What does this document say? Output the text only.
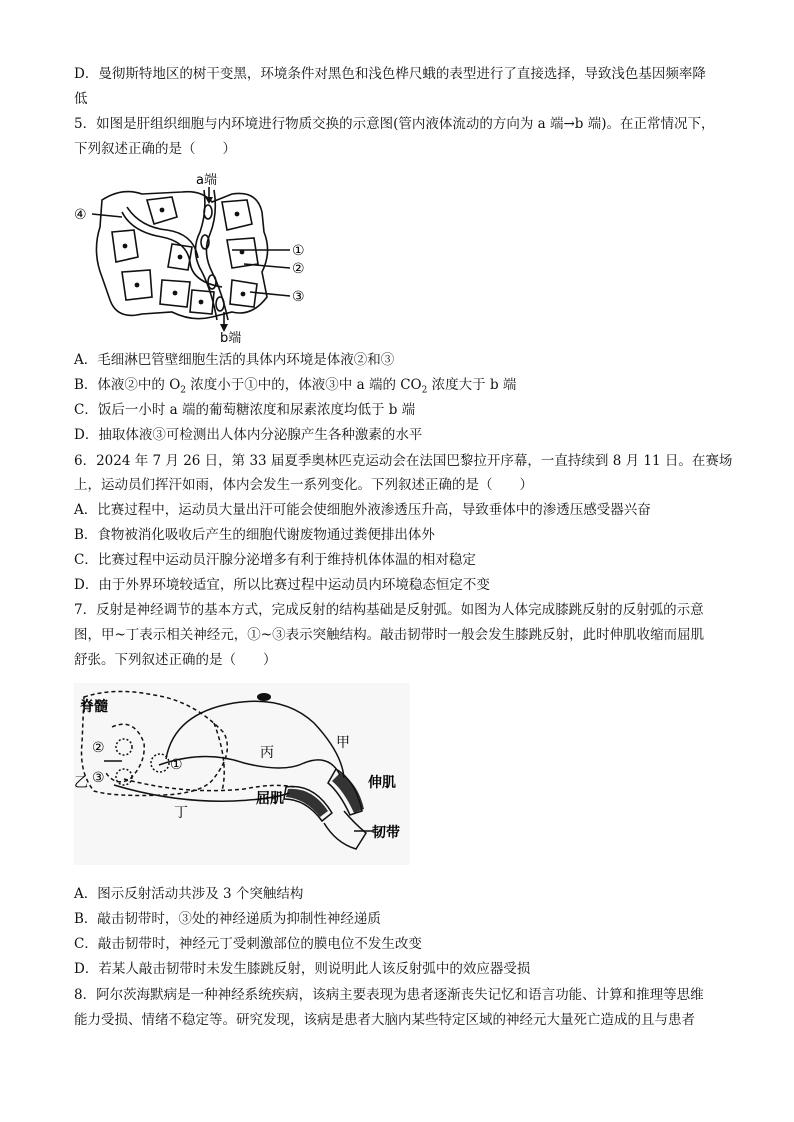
D．曼彻斯特地区的树干变黑，环境条件对黑色和浅色桦尺蛾的表型进行了直接选择，导致浅色基因频率降
低
5．如图是肝组织细胞与内环境进行物质交换的示意图(管内液体流动的方向为 a 端→b 端)。在正常情况下，
下列叙述正确的是（　　）
a端
b端
①
②
③
④
A．毛细淋巴管壁细胞生活的具体内环境是体液②和③
B．体液②中的 $O_2$ 浓度小于①中的，体液③中 a 端的 $CO_2$ 浓度大于 b 端
C．饭后一小时 a 端的葡萄糖浓度和尿素浓度均低于 b 端
D．抽取体液③可检测出人体内分泌腺产生各种激素的水平
6．2024 年 7 月 26 日，第 33 届夏季奥林匹克运动会在法国巴黎拉开序幕，一直持续到 8 月 11 日。在赛场
上，运动员们挥汗如雨，体内会发生一系列变化。下列叙述正确的是（　　）
A．比赛过程中，运动员大量出汗可能会使细胞外液渗透压升高，导致垂体中的渗透压感受器兴奋
B．食物被消化吸收后产生的细胞代谢废物通过粪便排出体外
C．比赛过程中运动员汗腺分泌增多有利于维持机体体温的相对稳定
D．由于外界环境较适宜，所以比赛过程中运动员内环境稳态恒定不变
7．反射是神经调节的基本方式，完成反射的结构基础是反射弧。如图为人体完成膝跳反射的反射弧的示意
图，甲~丁表示相关神经元，①~③表示突触结构。敲击韧带时一般会发生膝跳反射，此时伸肌收缩而屈肌
舒张。下列叙述正确的是（　　）
脊髓
甲
乙
丙
丁
伸肌
屈肌
韧带
①
②
③
A．图示反射活动共涉及 3 个突触结构
B．敲击韧带时，③处的神经递质为抑制性神经递质
C．敲击韧带时，神经元丁受刺激部位的膜电位不发生改变
D．若某人敲击韧带时未发生膝跳反射，则说明此人该反射弧中的效应器受损
8．阿尔茨海默病是一种神经系统疾病，该病主要表现为患者逐渐丧失记忆和语言功能、计算和推理等思维
能力受损、情绪不稳定等。研究发现，该病是患者大脑内某些特定区域的神经元大量死亡造成的且与患者
